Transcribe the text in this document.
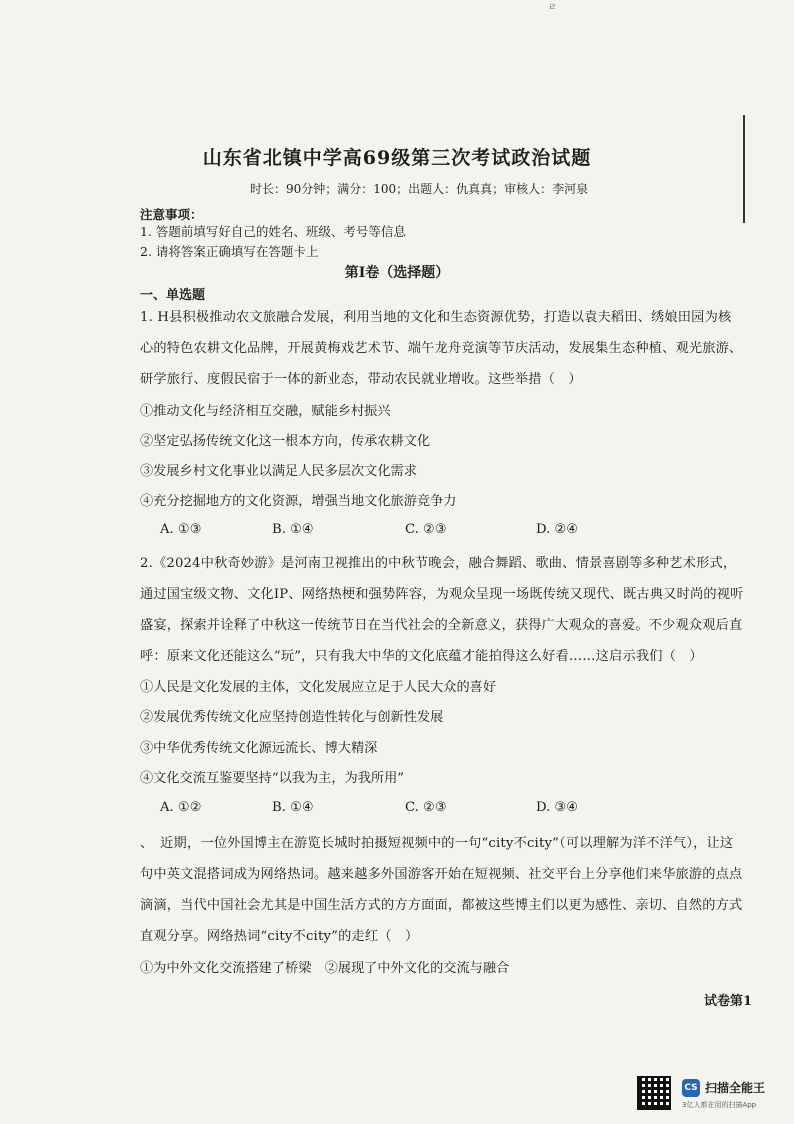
ㄹ
山东省北镇中学高69级第三次考试政治试题
时长：90分钟；满分：100；出题人：仇真真；审核人：李河泉
注意事项：
1. 答题前填写好自己的姓名、班级、考号等信息
2. 请将答案正确填写在答题卡上
第Ⅰ卷（选择题）
一、单选题
1. H县积极推动农文旅融合发展，利用当地的文化和生态资源优势，打造以袁夫稻田、绣娘田园为核
心的特色农耕文化品牌，开展黄梅戏艺术节、端午龙舟竞演等节庆活动，发展集生态种植、观光旅游、
研学旅行、度假民宿于一体的新业态，带动农民就业增收。这些举措（　）
①推动文化与经济相互交融，赋能乡村振兴
②坚定弘扬传统文化这一根本方向，传承农耕文化
③发展乡村文化事业以满足人民多层次文化需求
④充分挖掘地方的文化资源，增强当地文化旅游竞争力
A. ①③	B. ①④	C. ②③	D. ②④
2.《2024中秋奇妙游》是河南卫视推出的中秋节晚会，融合舞蹈、歌曲、情景喜剧等多种艺术形式，
通过国宝级文物、文化IP、网络热梗和强势阵容，为观众呈现一场既传统又现代、既古典又时尚的视听
盛宴，探索并诠释了中秋这一传统节日在当代社会的全新意义，获得广大观众的喜爱。不少观众观后直
呼：原来文化还能这么“玩”，只有我大中华的文化底蕴才能拍得这么好看……这启示我们（　）
①人民是文化发展的主体，文化发展应立足于人民大众的喜好
②发展优秀传统文化应坚持创造性转化与创新性发展
③中华优秀传统文化源远流长、博大精深
④文化交流互鉴要坚持“以我为主，为我所用”
A. ①②	B. ①④	C. ②③	D. ③④
、　近期，一位外国博主在游览长城时拍摄短视频中的一句“city不city”（可以理解为洋不洋气），让这
句中英文混搭词成为网络热词。越来越多外国游客开始在短视频、社交平台上分享他们来华旅游的点点
滴滴，当代中国社会尤其是中国生活方式的方方面面，都被这些博主们以更为感性、亲切、自然的方式
直观分享。网络热词“city不city”的走红（　）
①为中外文化交流搭建了桥梁　②展现了中外文化的交流与融合
试卷第1
CS 扫描全能王
3亿人都在用的扫描App
